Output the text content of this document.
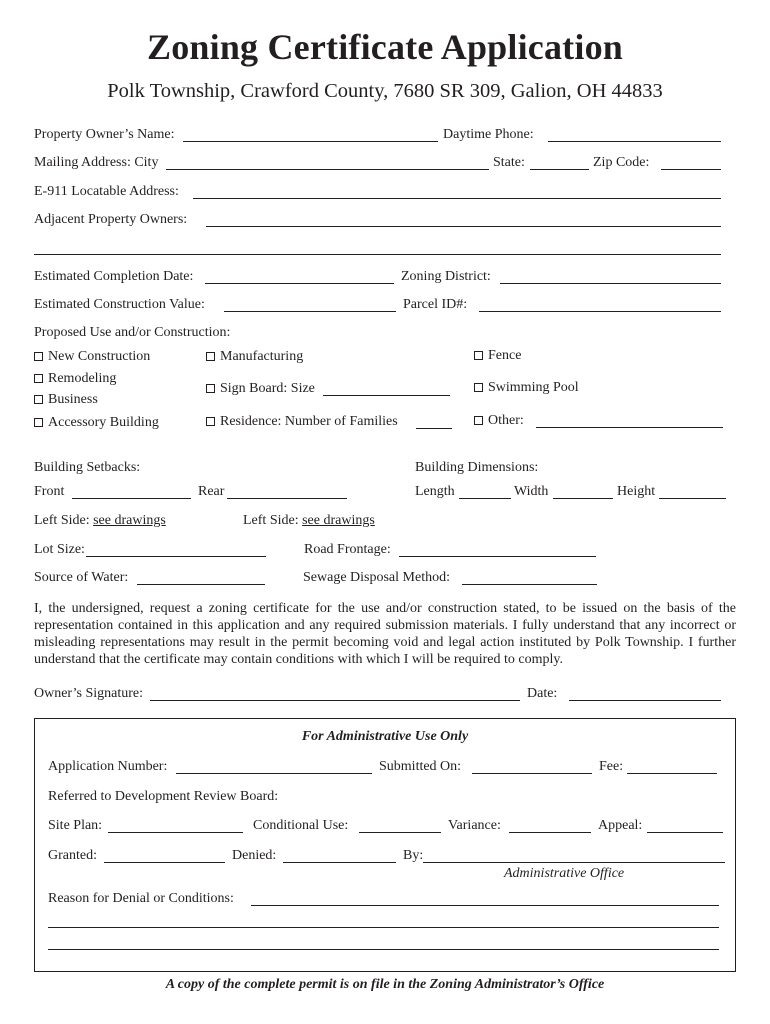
Zoning Certificate Application
Polk Township, Crawford County, 7680 SR 309, Galion, OH 44833
Property Owner’s Name:	Daytime Phone:
Mailing Address: City	State:	Zip Code:
E-911 Locatable Address:
Adjacent Property Owners:
Estimated Completion Date:	Zoning District:
Estimated Construction Value:	Parcel ID#:
Proposed Use and/or Construction:
New Construction
Remodeling
Business
Accessory Building
Manufacturing
Sign Board: Size
Residence: Number of Families
Fence
Swimming Pool
Other:
Building Setbacks:	Building Dimensions:
Front	Rear	Length	Width	Height
Left Side: see drawings	Left Side: see drawings
Lot Size:	Road Frontage:
Source of Water:	Sewage Disposal Method:
I, the undersigned, request a zoning certificate for the use and/or construction stated, to be issued on the basis of the representation contained in this application and any required submission materials. I fully understand that any incorrect or misleading representations may result in the permit becoming void and legal action instituted by Polk Township. I further understand that the certificate may contain conditions with which I will be required to comply.
Owner’s Signature:	Date:
For Administrative Use Only
Application Number:	Submitted On:	Fee:
Referred to Development Review Board:
Site Plan:	Conditional Use:	Variance:	Appeal:
Granted:	Denied:	By:
Administrative Office
Reason for Denial or Conditions:
A copy of the complete permit is on file in the Zoning Administrator’s Office
